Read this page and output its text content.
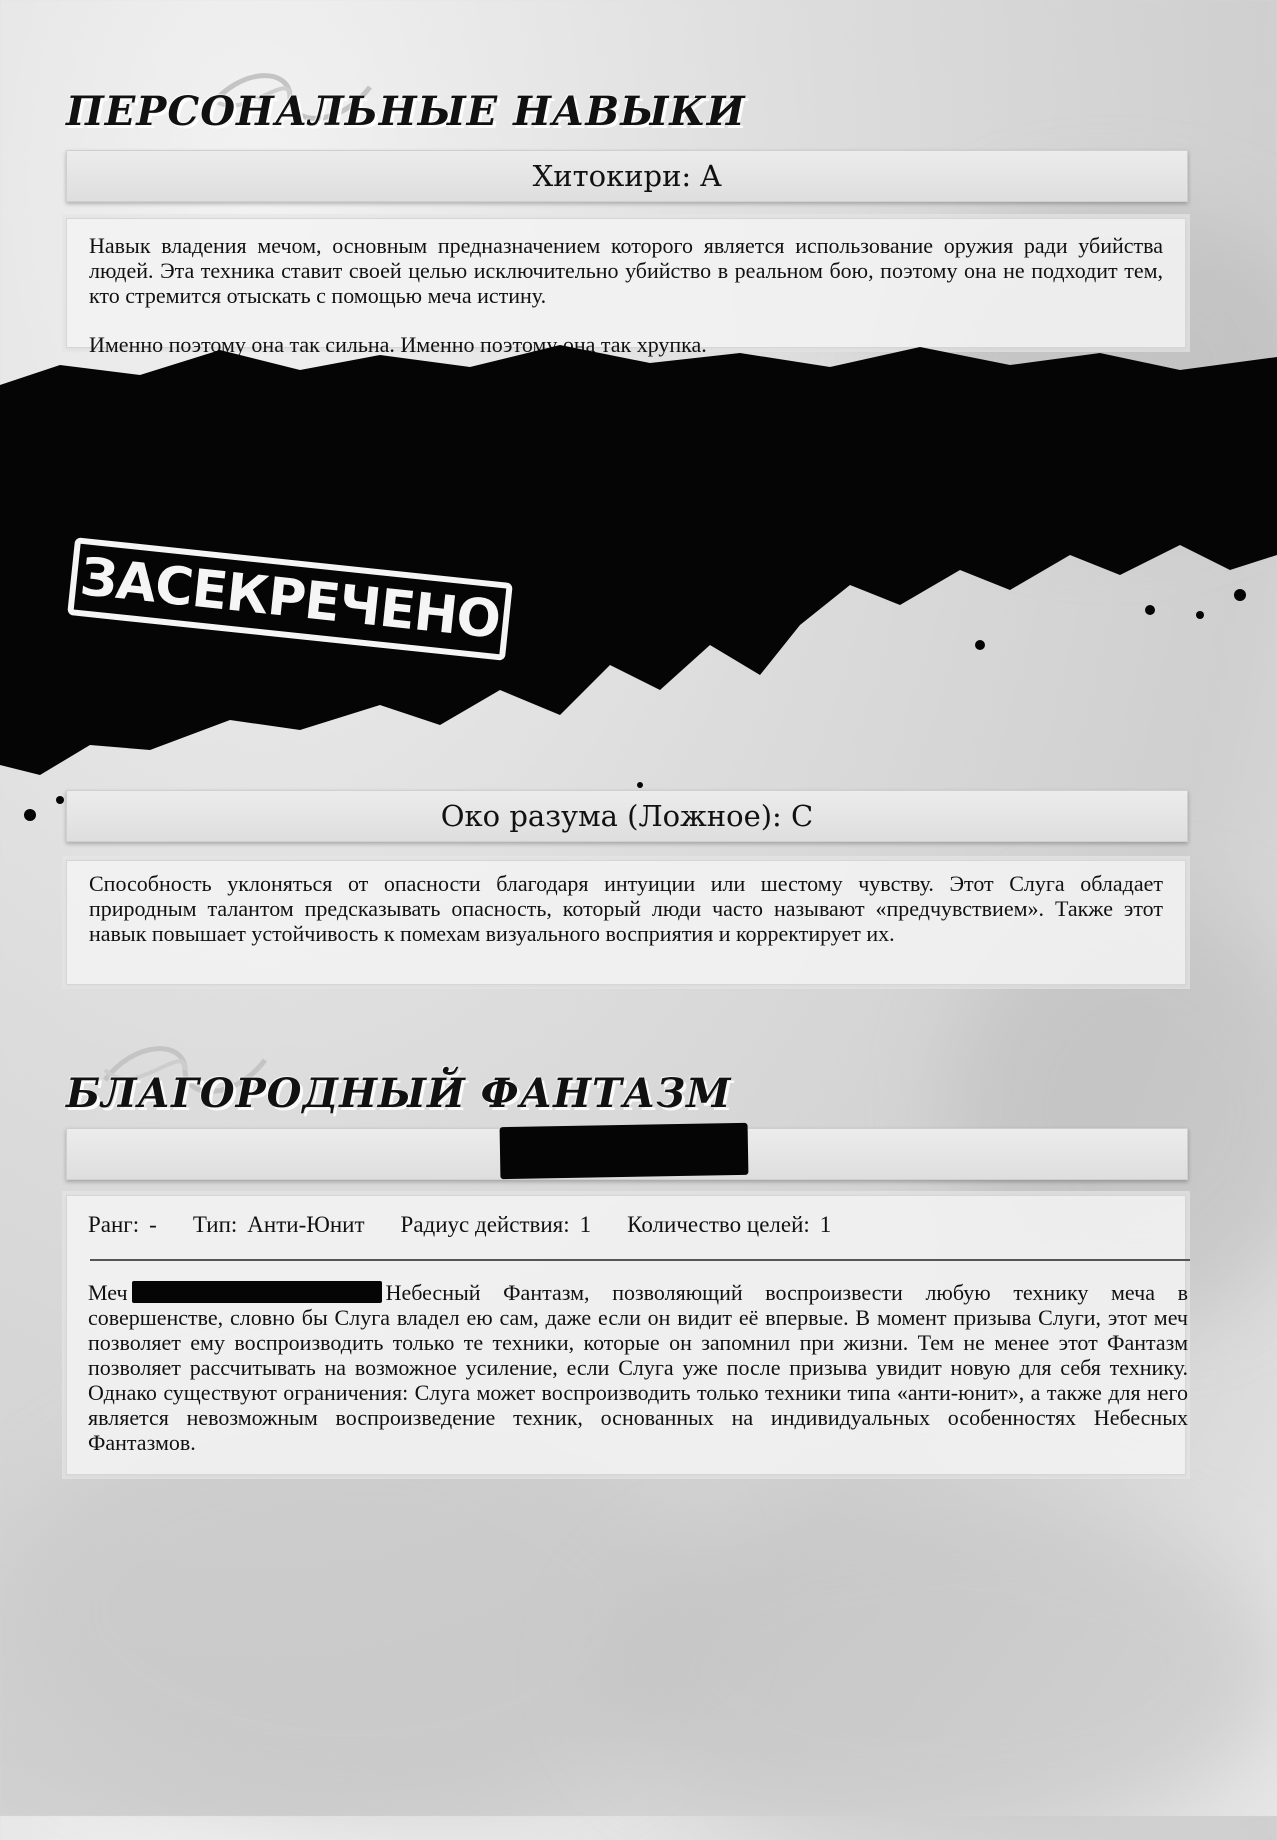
ПЕРСОНАЛЬНЫЕ НАВЫКИ
Хитокири: A

Навык владения мечом, основным предназначением которого является использование оружия ради убийства людей. Эта техника ставит своей целью исключительно убийство в реальном бою, поэтому она не подходит тем, кто стремится отыскать с помощью меча истину.

Именно поэтому она так сильна. Именно поэтому она так хрупка.

ЗАСЕКРЕЧЕНО
Око разума (Ложное): C

Способность уклоняться от опасности благодаря интуиции или шестому чувству. Этот Слуга обладает природным талантом предсказывать опасность, который люди часто называют «предчувствием». Также этот навык повышает устойчивость к помехам визуального восприятия и корректирует их.

БЛАГОРОДНЫЙ ФАНТАЗМ
Ранг: - Тип: Анти-Юнит Радиус действия: 1 Количество целей: 1

Меч	Небесный Фантазм, позволяющий воспроизвести любую технику меча в совершенстве, словно бы Слуга владел ею сам, даже если он видит её впервые. В момент призыва Слуги, этот меч позволяет ему воспроизводить только те техники, которые он запомнил при жизни. Тем не менее этот Фантазм позволяет рассчитывать на возможное усиление, если Слуга уже после призыва увидит новую для себя технику. Однако существуют ограничения: Слуга может воспроизводить только техники типа «анти-юнит», а также для него является невозможным воспроизведение техник, основанных на индивидуальных особенностях Небесных Фантазмов.
